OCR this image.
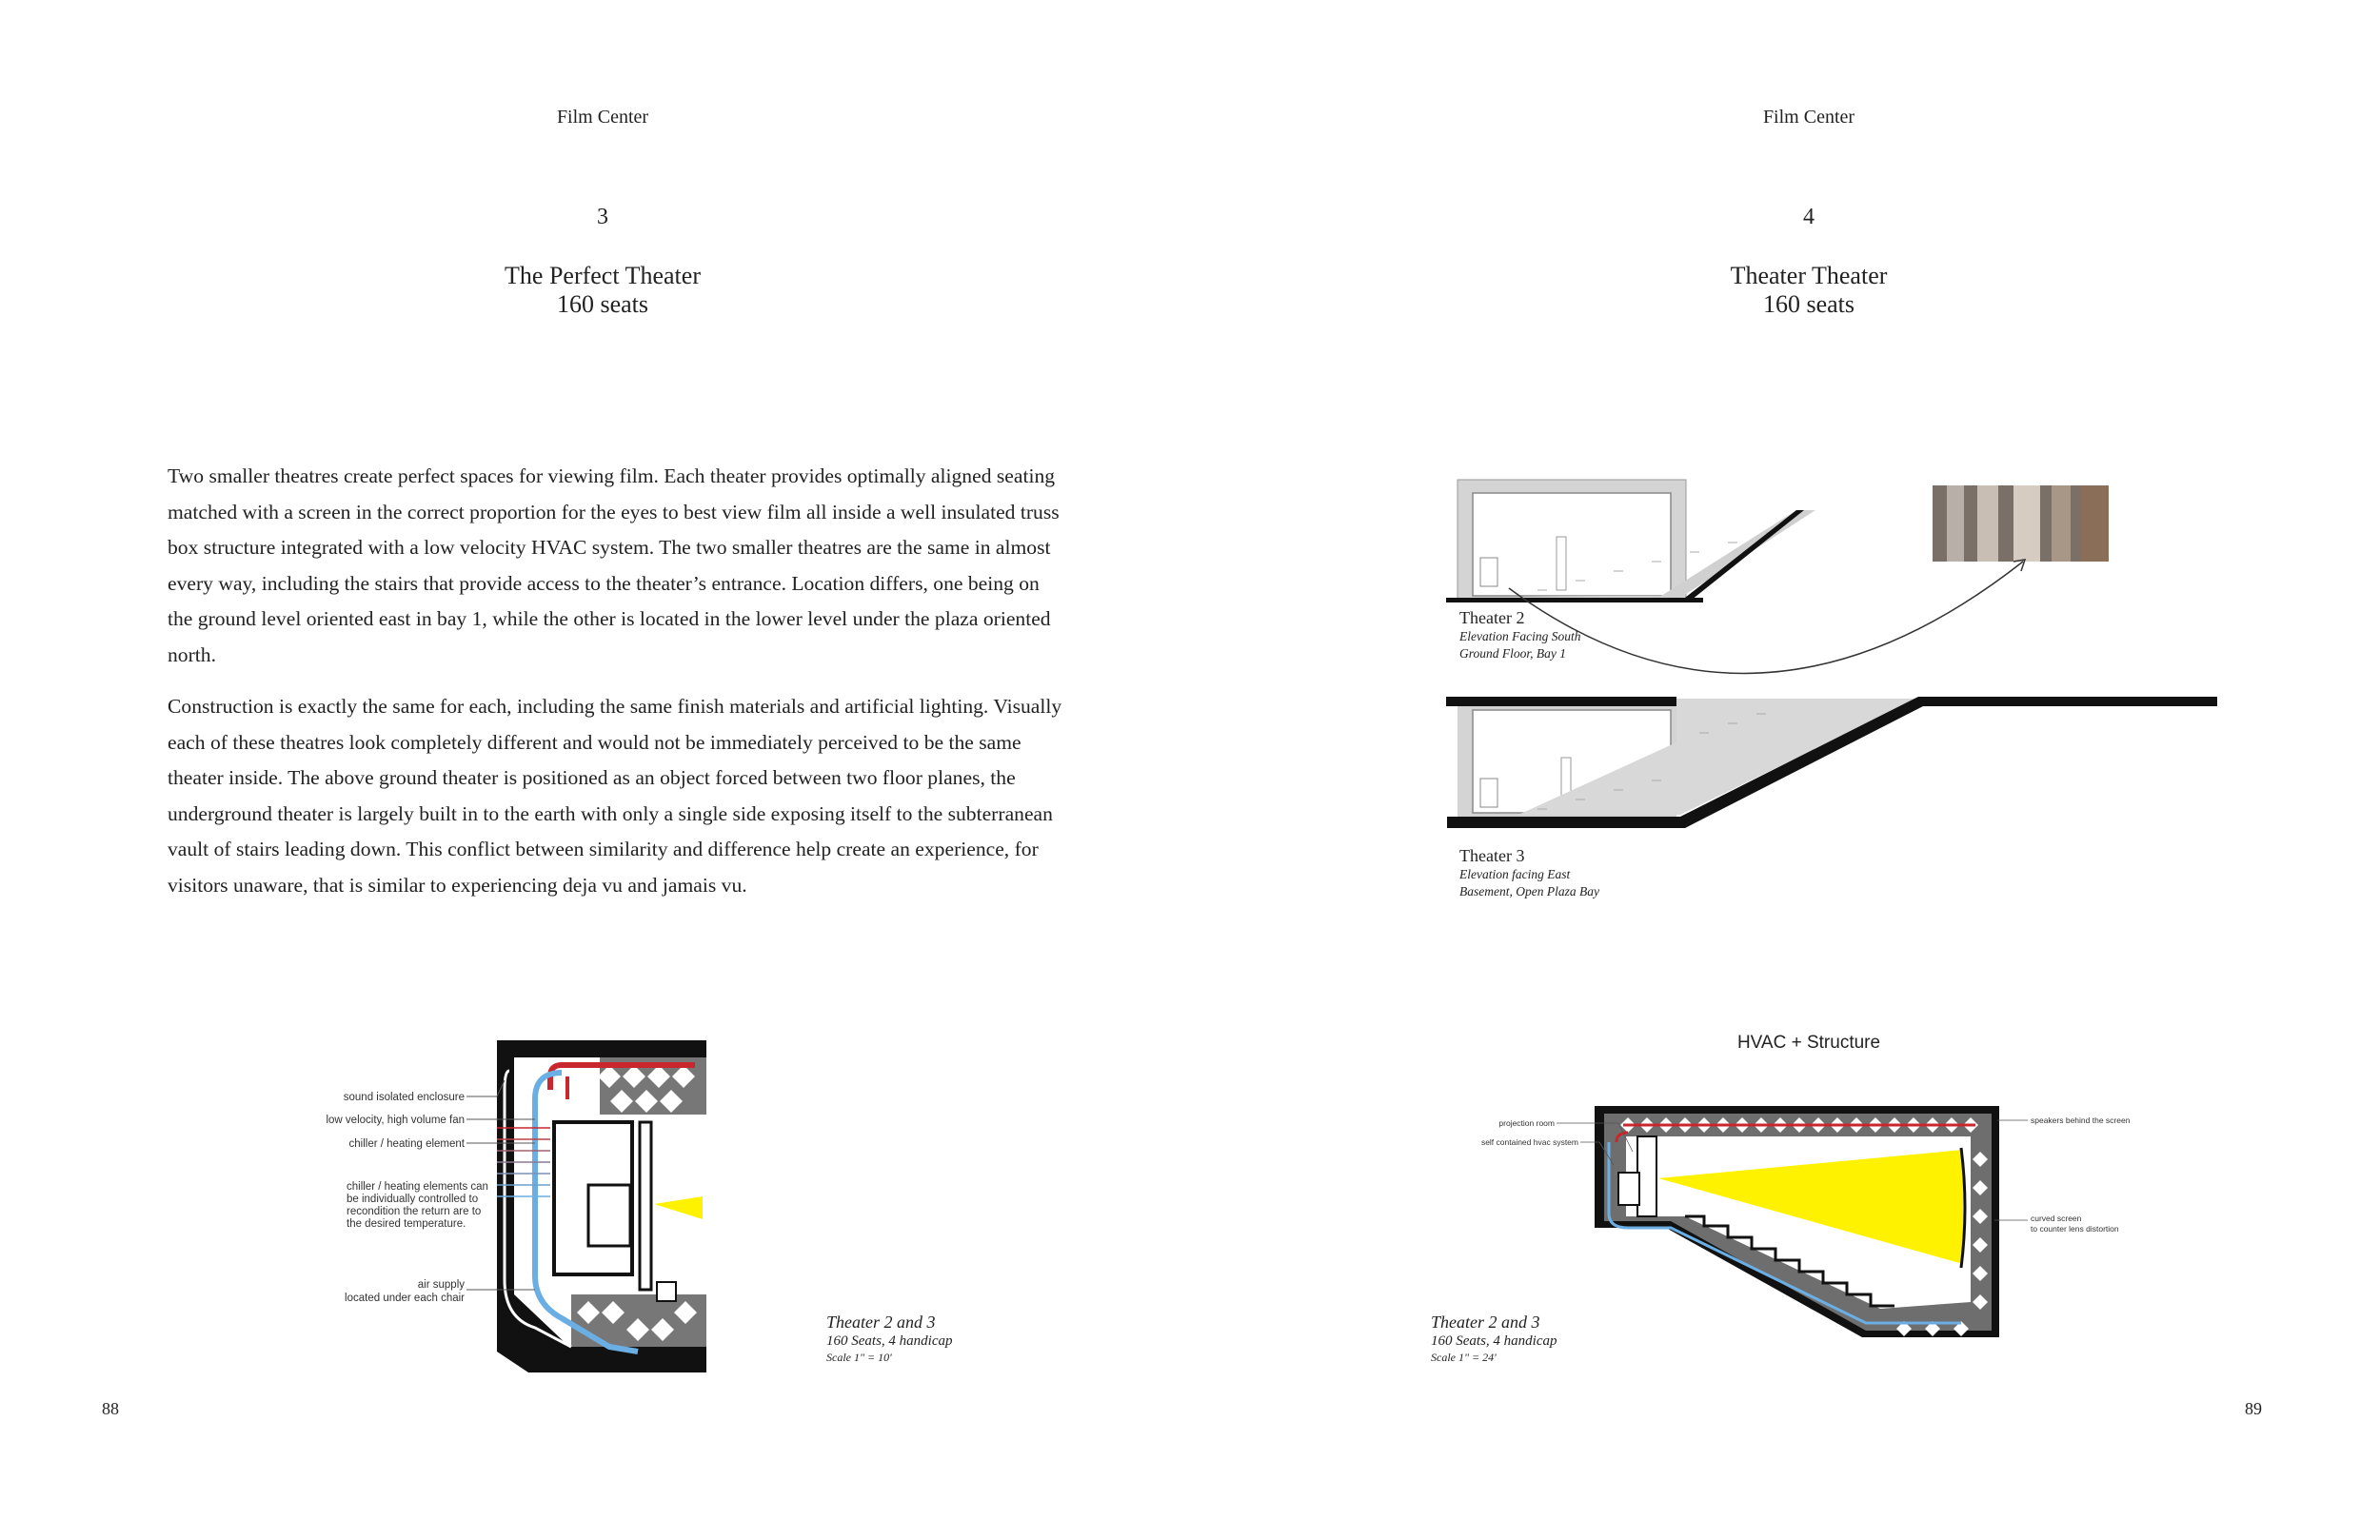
Film Center
3
The Perfect Theater
160 seats

Two smaller theatres create perfect spaces for viewing film. Each theater provides optimally aligned seating matched with a screen in the correct proportion for the eyes to best view film all inside a well insulated truss box structure integrated with a low velocity HVAC system. The two smaller theatres are the same in almost every way, including the stairs that provide access to the theater’s entrance. Location differs, one being on the ground level oriented east in bay 1, while the other is located in the lower level under the plaza oriented north.

Construction is exactly the same for each, including the same finish materials and artificial lighting. Visually each of these theatres look completely different and would not be immediately perceived to be the same theater inside. The above ground theater is positioned as an object forced between two floor planes, the underground theater is largely built in to the earth with only a single side exposing itself to the subterranean vault of stairs leading down. This conflict between similarity and difference help create an experience, for visitors unaware, that is similar to experiencing deja vu and jamais vu.

sound isolated enclosure
low velocity, high volume fan
chiller / heating element
chiller / heating elements can
be individually controlled to
recondition the return are to
the desired temperature.
air supply
located under each chair
Theater 2 and 3
160 Seats, 4 handicap
Scale 1" = 10'
88
Film Center
4
Theater Theater
160 seats
Theater 2
Elevation Facing South
Ground Floor, Bay 1
Theater 3
Elevation facing East
Basement, Open Plaza Bay
HVAC + Structure
projection room
self contained hvac system
speakers behind the screen
curved screen
to counter lens distortion
Theater 2 and 3
160 Seats, 4 handicap
Scale 1" = 24'
89
